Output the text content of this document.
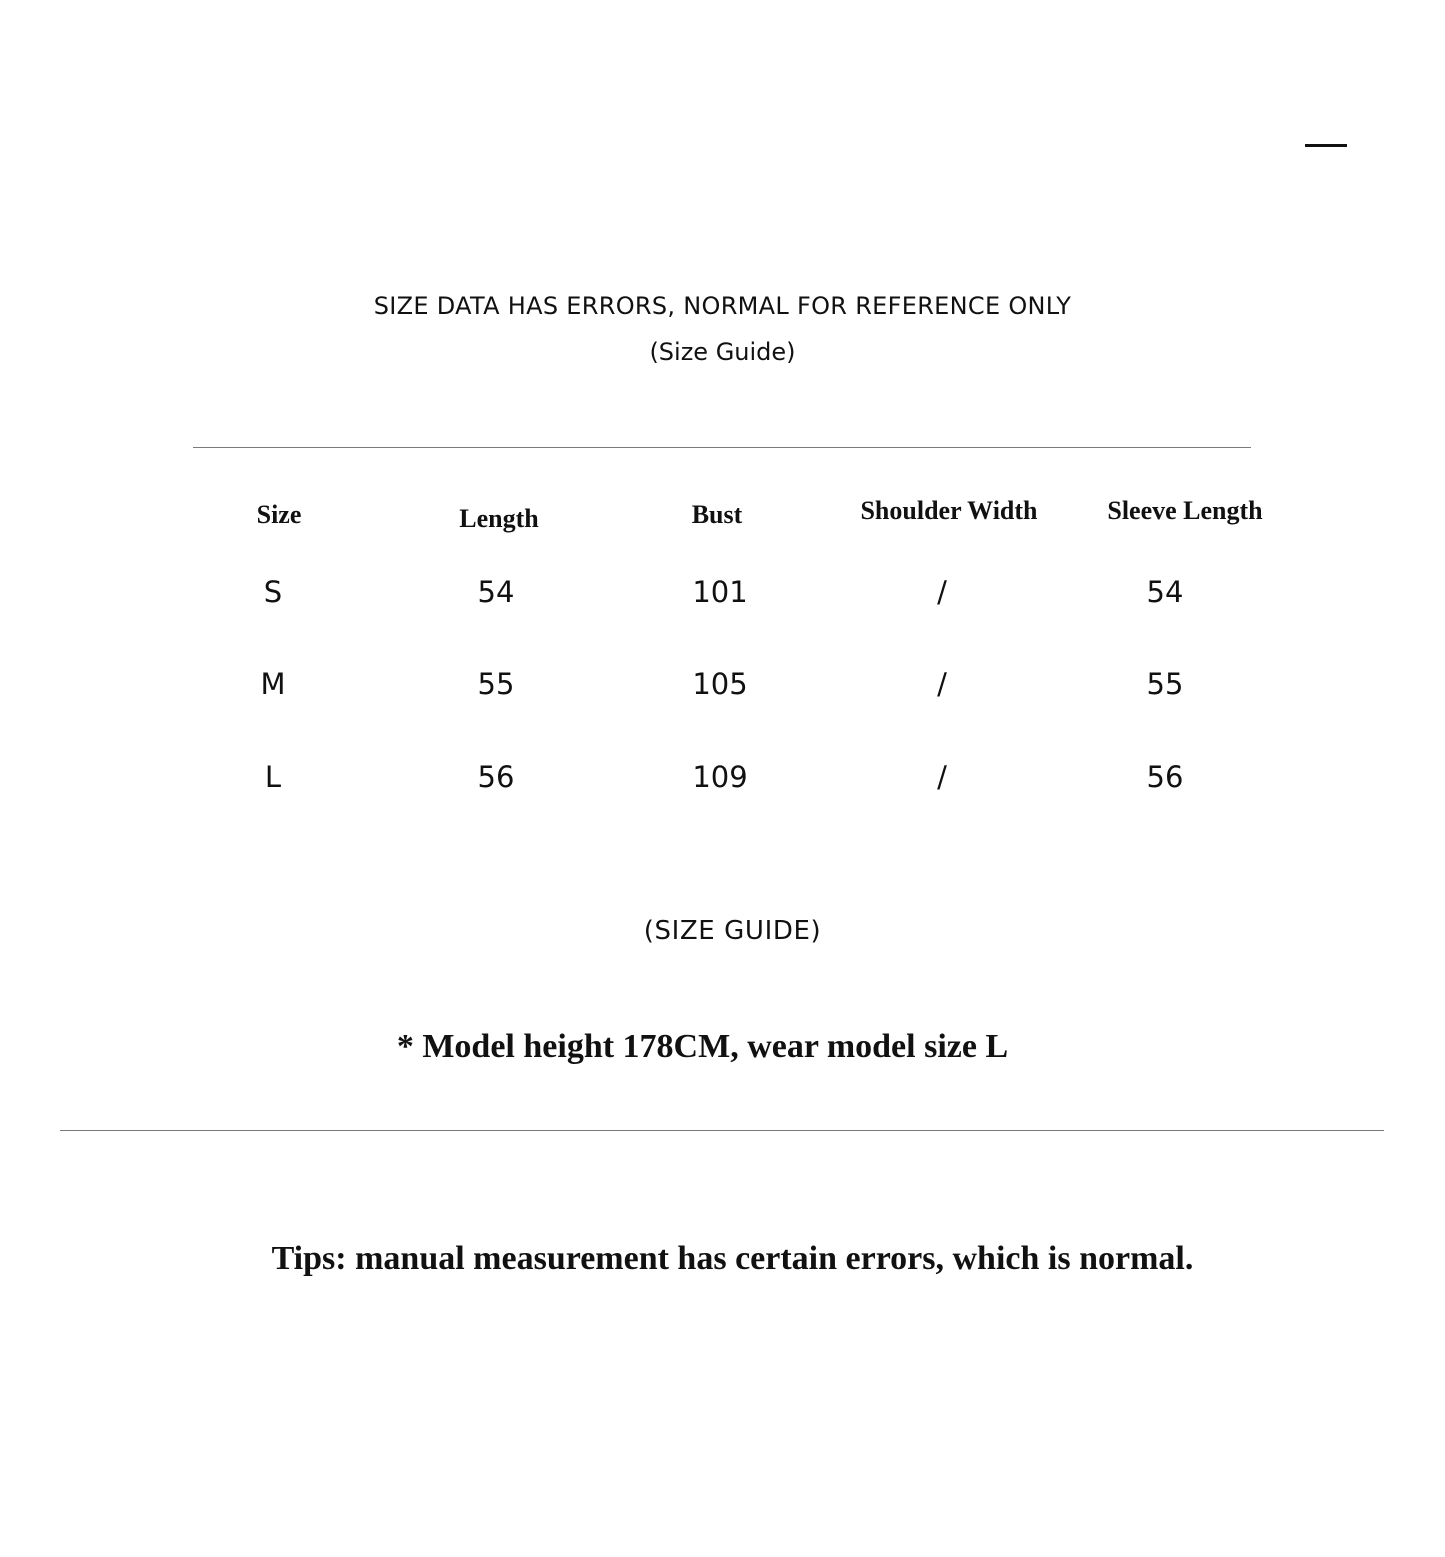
SIZE DATA HAS ERRORS, NORMAL FOR REFERENCE ONLY
(Size Guide)
Size	Length	Bust	Shoulder Width	Sleeve Length
S	54	101	/	54
M	55	105	/	55
L	56	109	/	56
(SIZE GUIDE)
* Model height 178CM, wear model size L
Tips: manual measurement has certain errors, which is normal.
